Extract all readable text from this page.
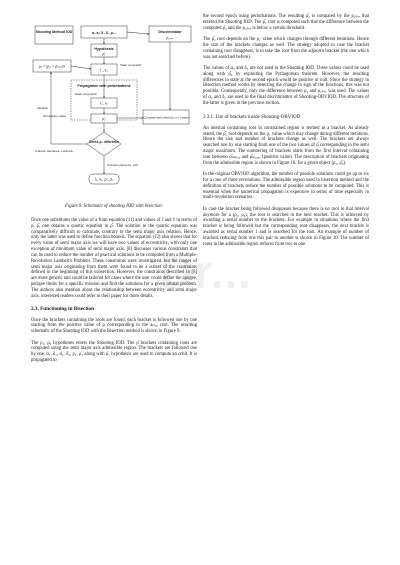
Dr...
Shooting Method IOD	a₁ a₂ δ₁ δ₂ ρ₁₂	Discriminator
ρ₂ₙₑᵥ
Hypothesis
ρ̂₁
ρₘ = (ρ₁₂ + ρ̂₂ₙₑᵥ)/2	State at epoch1
r̄₁, v̄₁
Propagation with perturbations
State at epoch2
r̄₂, v̄₂
Iteration
Temporary value
ρ̃₂	Compare with initial (ρ₂₍ₙₑᵥ₎ ) value
Check ρ₂ difference
If above tolerance, continue
If below tolerance, exit
r̄₁, v̄₁, ρ̂₁, ρ̂₂
Figure 9. Schematic of shooting IOD with bisection.

Once one substitutes the value of a from equation (11) and values of r̄ and v̄ in terms of ρ, ρ̂, one obtains a quartic equation in ρ̂. The solution to the quartic equation was comparatively difficult to calculate, contrary to the semi major axis relation. Hence, only the latter was used to define function bounds. The equation (12) also shows that for every value of semi major axis we will have two values of eccentricity, with only one exception of minimum value of semi major axis. [8] discusses various constraints that can be used to reduce the number of practical solutions to be computed from a Multiple-Revolution Lambert's Problem. These constraints were investigated, but the ranges of semi major axis originating from them were found to be a subset of the constraints defined in the beginning of this subsection. However, the constraints described in [8] are more generic and could be tailored for cases where the user could define the apogee, perigee limits for a specific mission and find the solutions for a given orbital problem. The authors also mention about the relationship between eccentricity and semi major axis, interested readers could refer to their paper for more details.

2.3. Functioning in Bisection

Once the brackets containing the roots are found, each bracket is followed one by one starting from the positive value of ρ corresponding to the aₘₐₓ root. The resulting schematic of the Shooting IOD with the Bisection method is shown in Figure 9.

The ρ₁, ρ₂ hypotheses enters the Shooting IOD. The ρ̂ brackets containing roots are computed using the semi major axis admissible region. The brackets are followed one by one, α₁, δ₁, α̇₁, δ̇₁, ρ₁, ρ̇₁ along with ρ̂₁ hypothesis are used to compute an orbit. It is propagated to

the second epoch using perturbations. The resulting ρ̂₂ is compared by the ρ₂ₙₑᵥ that entered the Shooting IOD. The ρ̂₁ root is computed such that the difference between the computed ρ̂₂ and the ρ₂ₙₑᵥ is below a certain threshold.

The ρ̂₁ root depends on the ρ₁ value which changes through different iterations. Hence the size of the brackets changes as well. The strategy adopted in case the bracket containing root disappears, is to take the root from the adjacent bracket (the one which was not searched before).

The values of α₂ and δ₂ are not used in the Shooting IOD. These values could be used along with ρ̂₂ by exploiting the Pythagorean theorem. However, the resulting differences in state at the second epoch would be positive or null. Since the strategy in Bisection method works by detecting the change in sign of the functions, this was not possible. Consequently, only the difference between ρ₂ and ρ₂ₙₑᵥ was used. The values of α₂ and δ₂ are used in the final discriminator of Shooting-OBVIOD. The structure of the latter is given in the previous section.

2.3.1. Use of brackets inside Shooting-OBVIOD

An internal containing root in constrained region is termed as a bracket. As already stated, the ρ̂₁ root depends on the ρ₁ value which may change during different iterations. Hence the size and number of brackets change as well. The brackets are always searched one by one starting from one of the two values of ρ̂ corresponding in the semi major maximum. The numbering of brackets starts from the first interval containing root between ρ̂ₘᵢₙₐₓ and ρ̂ₘₐₓₐₓ (positive value). The description of brackets originating from the admissible region is shown in Figure 10. for a given object (ρ₁, ρ̂₂).

In the original OBVIOD algorithm, the number of possible solutions could go up to six for a case of three revolutions. The admissible region used in bisection method and the definition of brackets reduce the number of possible solutions to be computed. This is essential when the numerical propagation is expensive in terms of time especially in multi-revolution scenarios.

In case the bracket being followed disappears because there is no root in that interval anymore for a (ρ₁, ρ₂), the root is searched in the next bracket. This is achieved by awarding a serial number to the brackets. For example in situations where the first bracket is being followed but the corresponding root disappears, the next bracket is awarded as serial number 1 and is searched for the root. An example of number of brackets reducing from one this pair to another is shown in Figure 10. The number of roots in the admissible region reduces from two to one.
